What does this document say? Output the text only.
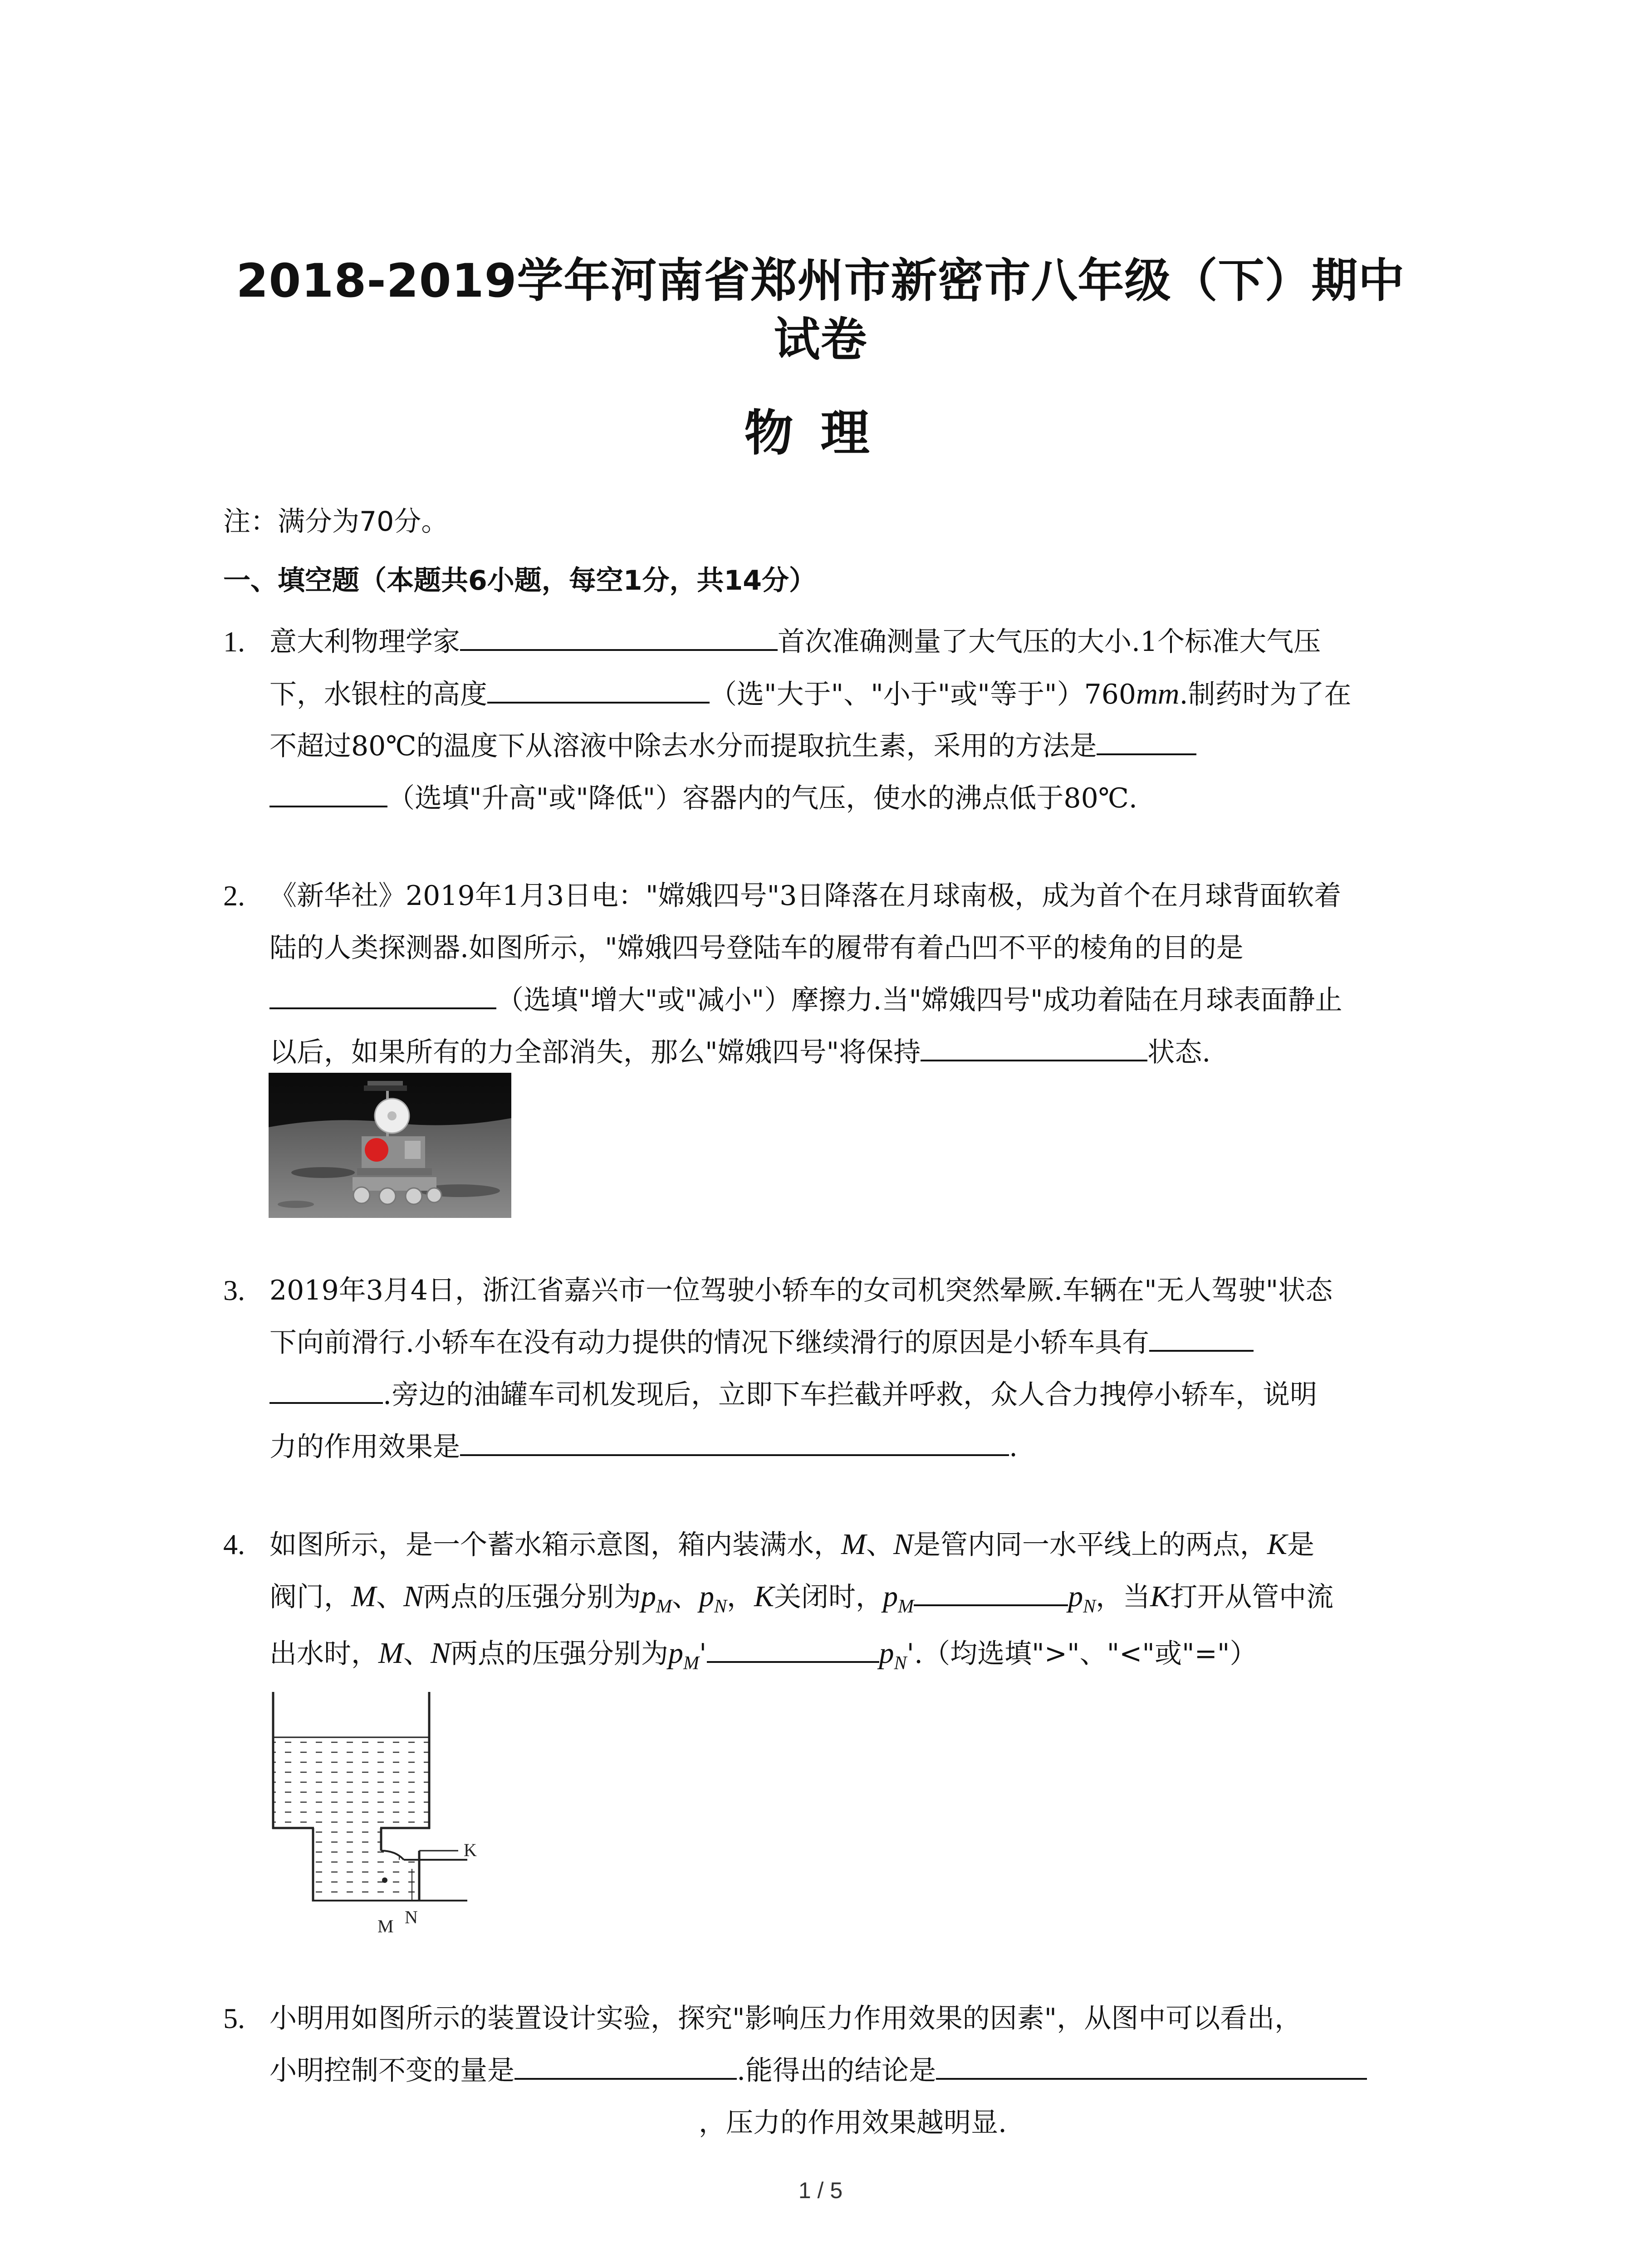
2018-2019学年河南省郑州市新密市八年级（下）期中
试卷
物理
注：满分为70分。
一、填空题（本题共6小题，每空1分，共14分）
1. 意大利物理学家	首次准确测量了大气压的大小.1个标准大气压
下，水银柱的高度	（选"大于"、"小于"或"等于"）760mm.制药时为了在
不超过80℃的温度下从溶液中除去水分而提取抗生素，采用的方法是
（选填"升高"或"降低"）容器内的气压，使水的沸点低于80℃.
2. 《新华社》2019年1月3日电："嫦娥四号"3日降落在月球南极，成为首个在月球背面软着
陆的人类探测器.如图所示，"嫦娥四号登陆车的履带有着凸凹不平的棱角的目的是
（选填"增大"或"减小"）摩擦力.当"嫦娥四号"成功着陆在月球表面静止
以后，如果所有的力全部消失，那么"嫦娥四号"将保持	状态.
3. 2019年3月4日，浙江省嘉兴市一位驾驶小轿车的女司机突然晕厥.车辆在"无人驾驶"状态
下向前滑行.小轿车在没有动力提供的情况下继续滑行的原因是小轿车具有
.旁边的油罐车司机发现后，立即下车拦截并呼救，众人合力拽停小轿车，说明
力的作用效果是	.
4. 如图所示，是一个蓄水箱示意图，箱内装满水，M、N是管内同一水平线上的两点，K是
阀门，M、N两点的压强分别为$p_M$、$p_N$，K关闭时，$p_M$	$p_N$，当K打开从管中流
出水时，M、N两点的压强分别为$p_M'$	$p_N'$.（均选填">"、"<"或"="）
K
M N
5. 小明用如图所示的装置设计实验，探究"影响压力作用效果的因素"，从图中可以看出，
小明控制不变的量是	.能得出的结论是
，压力的作用效果越明显.
1 / 5
